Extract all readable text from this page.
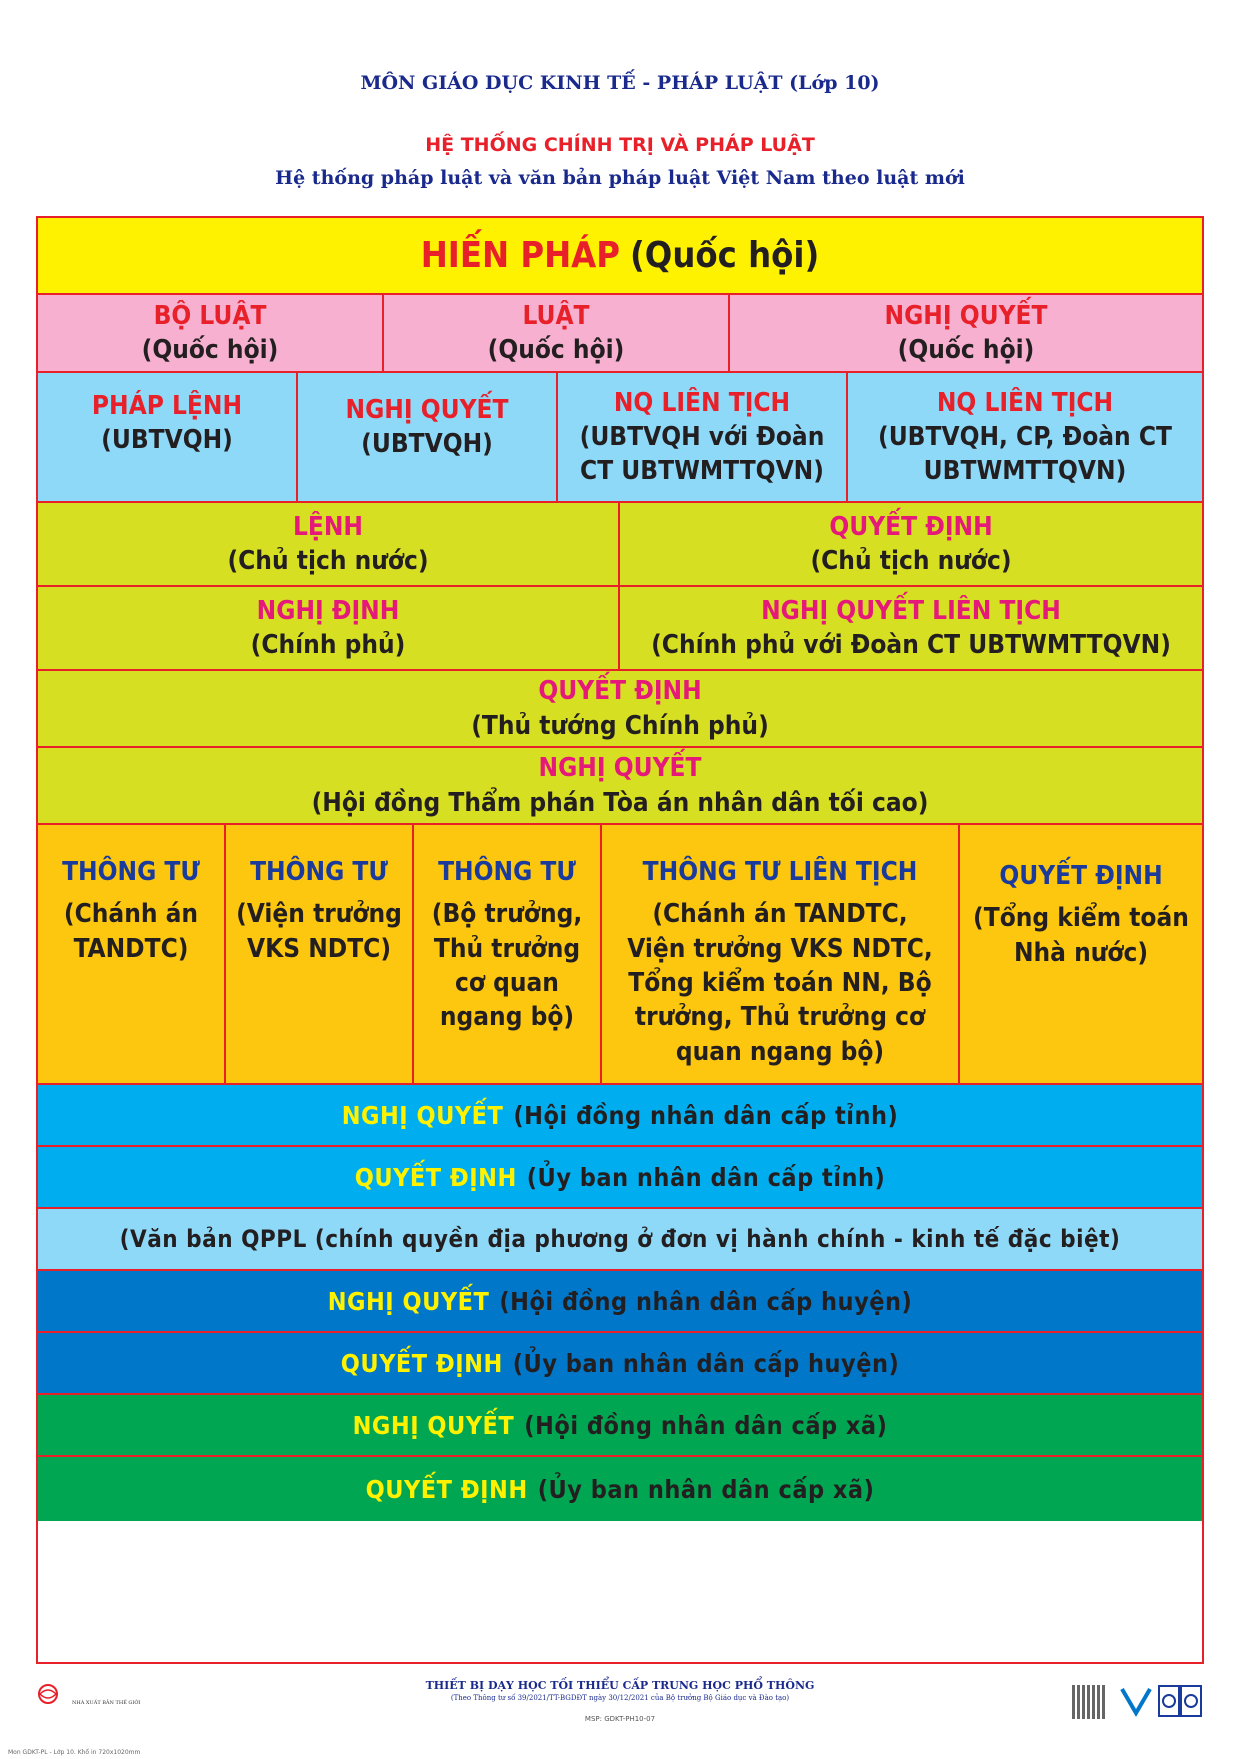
MÔN GIÁO DỤC KINH TẾ - PHÁP LUẬT (Lớp 10)
HỆ THỐNG CHÍNH TRỊ VÀ PHÁP LUẬT
Hệ thống pháp luật và văn bản pháp luật Việt Nam theo luật mới
HIẾN PHÁP (Quốc hội)
BỘ LUẬT
(Quốc hội)
LUẬT
(Quốc hội)
NGHỊ QUYẾT
(Quốc hội)
PHÁP LỆNH
(UBTVQH)
NGHỊ QUYẾT
(UBTVQH)
NQ LIÊN TỊCH
(UBTVQH với Đoàn CT UBTWMTTQVN)
NQ LIÊN TỊCH
(UBTVQH, CP, Đoàn CT UBTWMTTQVN)
LỆNH
(Chủ tịch nước)
QUYẾT ĐỊNH
(Chủ tịch nước)
NGHỊ ĐỊNH
(Chính phủ)
NGHỊ QUYẾT LIÊN TỊCH
(Chính phủ với Đoàn CT UBTWMTTQVN)
QUYẾT ĐỊNH
(Thủ tướng Chính phủ)
NGHỊ QUYẾT
(Hội đồng Thẩm phán Tòa án nhân dân tối cao)
THÔNG TƯ
(Chánh án TANDTC)
THÔNG TƯ
(Viện trưởng VKS NDTC)
THÔNG TƯ
(Bộ trưởng, Thủ trưởng cơ quan ngang bộ)
THÔNG TƯ LIÊN TỊCH
(Chánh án TANDTC, Viện trưởng VKS NDTC, Tổng kiểm toán NN, Bộ trưởng, Thủ trưởng cơ quan ngang bộ)
QUYẾT ĐỊNH
(Tổng kiểm toán Nhà nước)
NGHỊ QUYẾT (Hội đồng nhân dân cấp tỉnh)
QUYẾT ĐỊNH (Ủy ban nhân dân cấp tỉnh)
(Văn bản QPPL (chính quyền địa phương ở đơn vị hành chính - kinh tế đặc biệt)
NGHỊ QUYẾT (Hội đồng nhân dân cấp huyện)
QUYẾT ĐỊNH (Ủy ban nhân dân cấp huyện)
NGHỊ QUYẾT (Hội đồng nhân dân cấp xã)
QUYẾT ĐỊNH (Ủy ban nhân dân cấp xã)
NHÀ XUẤT BẢN THẾ GIỚI
THIẾT BỊ DẠY HỌC TỐI THIỂU CẤP TRUNG HỌC PHỔ THÔNG
(Theo Thông tư số 39/2021/TT-BGDĐT ngày 30/12/2021 của Bộ trưởng Bộ Giáo dục và Đào tạo)
MSP: GDKT-PH10-07
Mon GDKT-PL - Lớp 10. Khổ in 720x1020mm
